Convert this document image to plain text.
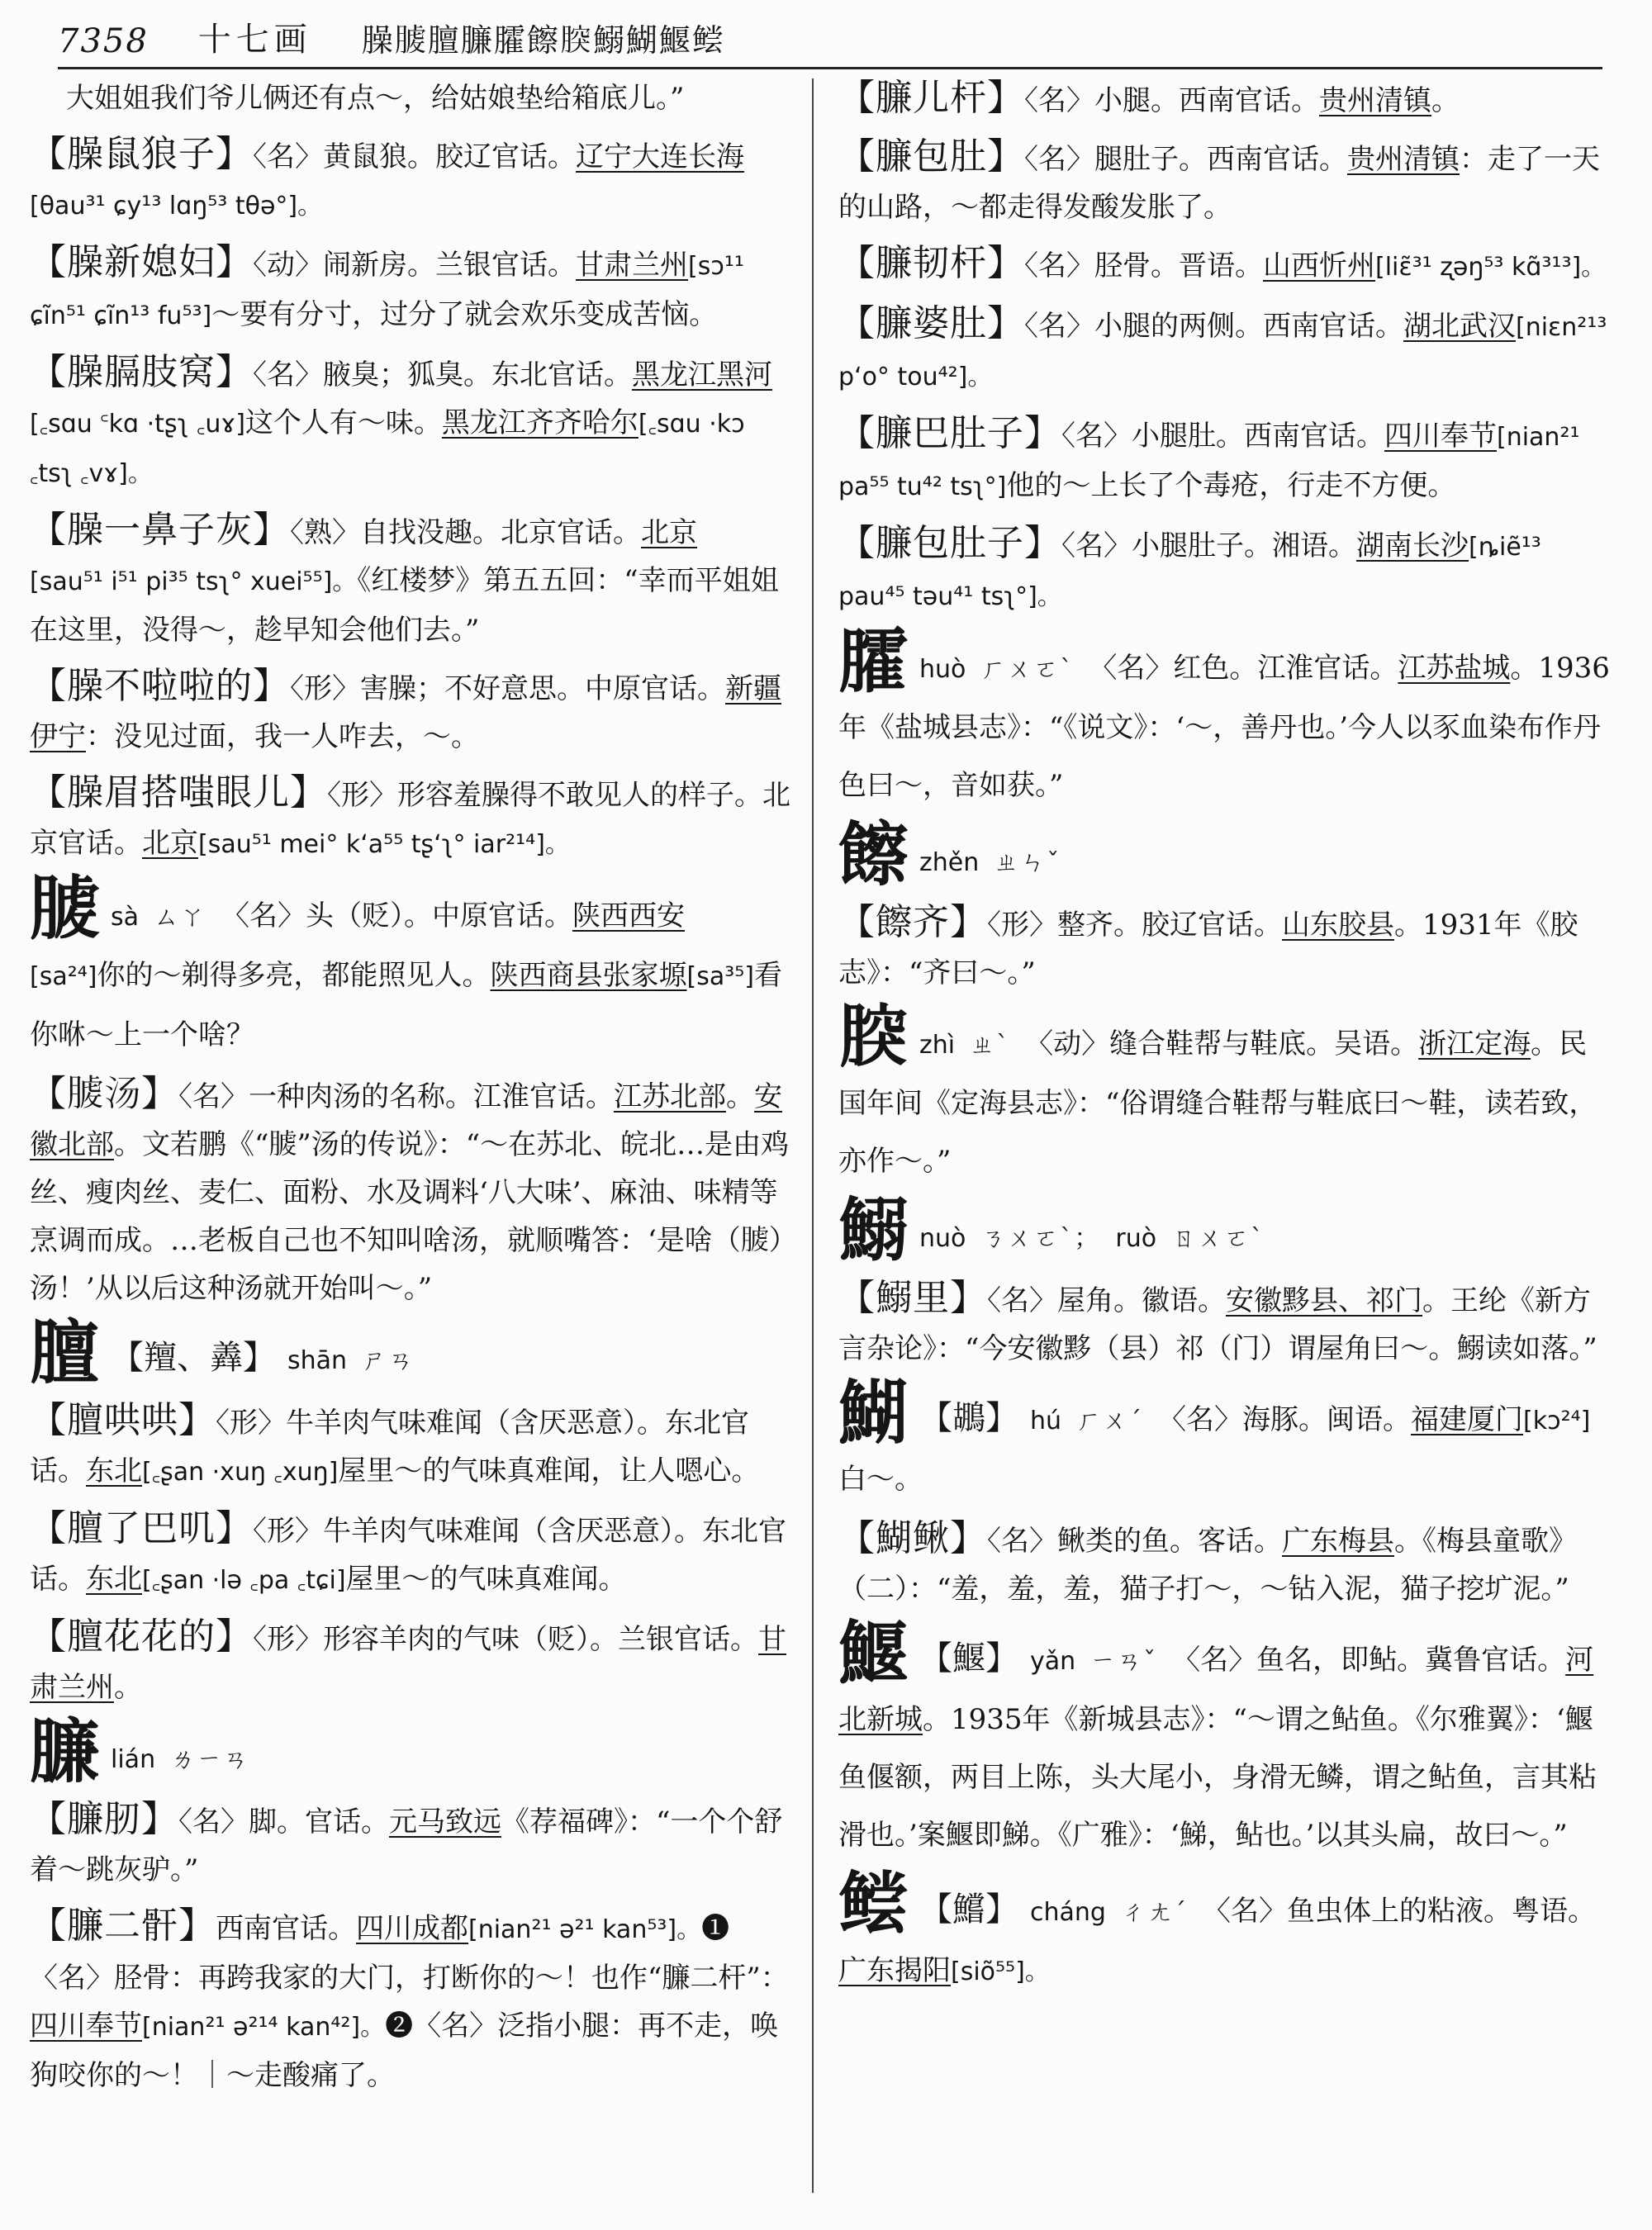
7358 十七画 臊𦞬膻臁臛𩟔𦝬鰯鰗鰋鲿

大姐姐我们爷儿俩还有点～，给姑娘垫给箱底儿。”

【臊鼠狼子】〈名〉黄鼠狼。胶辽官话。辽宁大连长海
[θau³¹ ɕy¹³ lɑŋ⁵³ tθə°]。

【臊新媳妇】〈动〉闹新房。兰银官话。甘肃兰州[sɔ¹¹ ɕĩn⁵¹ ɕĩn¹³ fu⁵³]～要有分寸，过分了就会欢乐变成苦恼。

【臊膈肢窝】〈名〉腋臭；狐臭。东北官话。黑龙江黑河[꜀sɑu ꜂kɑ ·tʂʅ ꜀uɤ]这个人有～味。黑龙江齐齐哈尔[꜀sɑu ·kɔ ꜀tsʅ ꜀vɤ]。

【臊一鼻子灰】〈熟〉自找没趣。北京官话。北京
[sau⁵¹ i⁵¹ pi³⁵ tsʅ° xuei⁵⁵]。《红楼梦》第五五回：“幸而平姐姐在这里，没得～，趁早知会他们去。”

【臊不啦啦的】〈形〉害臊；不好意思。中原官话。新疆伊宁：没见过面，我一人咋去，～。

【臊眉搭嗤眼儿】〈形〉形容羞臊得不敢见人的样子。北京官话。北京[sau⁵¹ mei° k‘a⁵⁵ tʂ‘ʅ° iar²¹⁴]。

𦞬sà ㄙㄚ 〈名〉头（贬）。中原官话。陕西西安
[sa²⁴]你的～剃得多亮，都能照见人。陕西商县张家塬[sa³⁵]看你咻～上一个啥？

【𦞬汤】〈名〉一种肉汤的名称。江淮官话。江苏北部。安徽北部。文若鹏《“𦞬”汤的传说》：“～在苏北、皖北…是由鸡丝、瘦肉丝、麦仁、面粉、水及调料‘八大味’、麻油、味精等烹调而成。…老板自己也不知叫啥汤，就顺嘴答：‘是啥（𦞬）汤！’从以后这种汤就开始叫～。”

膻 【羶、羴】 shān ㄕㄢ

【膻哄哄】〈形〉牛羊肉气味难闻（含厌恶意）。东北官话。东北[꜀ʂan ·xuŋ ꜀xuŋ]屋里～的气味真难闻，让人嗯心。

【膻了巴叽】〈形〉牛羊肉气味难闻（含厌恶意）。东北官话。东北[꜀ʂan ·lə ꜀pa ꜀tɕi]屋里～的气味真难闻。

【膻花花的】〈形〉形容羊肉的气味（贬）。兰银官话。甘肃兰州。

臁lián ㄌㄧㄢ

【臁肕】〈名〉脚。官话。元马致远《荐福碑》：“一个个舒着～跳灰驴。”

【臁二骭】西南官话。四川成都[nian²¹ ə²¹ kan⁵³]。❶〈名〉胫骨：再跨我家的大门，打断你的～！也作“臁二杆”：四川奉节[nian²¹ ə²¹⁴ kan⁴²]。❷〈名〉泛指小腿：再不走，唤狗咬你的～！｜～走酸痛了。

【臁儿杆】〈名〉小腿。西南官话。贵州清镇。

【臁包肚】〈名〉腿肚子。西南官话。贵州清镇：走了一天的山路，～都走得发酸发胀了。

【臁韧杆】〈名〉胫骨。晋语。山西忻州[liɛ̃³¹ ʐəŋ⁵³ kɑ̃³¹³]。

【臁婆肚】〈名〉小腿的两侧。西南官话。湖北武汉[niɛn²¹³ p‘o° tou⁴²]。

【臁巴肚子】〈名〉小腿肚。西南官话。四川奉节[nian²¹ pa⁵⁵ tu⁴² tsʅ°]他的～上长了个毒疮，行走不方便。

【臁包肚子】〈名〉小腿肚子。湘语。湖南长沙[ȵiẽ¹³ pau⁴⁵ təu⁴¹ tsʅ°]。

臛huò ㄏㄨㄛˋ 〈名〉红色。江淮官话。江苏盐城。1936年《盐城县志》：“《说文》：‘～，善丹也。’今人以豕血染布作丹色曰～，音如获。”

𩟔zhěn ㄓㄣˇ

【𩟔齐】〈形〉整齐。胶辽官话。山东胶县。1931年《胶志》：“齐曰～。”

𦝬zhì ㄓˋ 〈动〉缝合鞋帮与鞋底。吴语。浙江定海。民国年间《定海县志》：“俗谓缝合鞋帮与鞋底曰～鞋，读若致，亦作～。”

鰯nuò ㄋㄨㄛˋ； ruò ㄖㄨㄛˋ

【鰯里】〈名〉屋角。徽语。安徽黟县、祁门。王纶《新方言杂论》：“今安徽黟（县）祁（门）谓屋角曰～。鰯读如落。”

鰗 【鶘】 hú ㄏㄨˊ 〈名〉海豚。闽语。福建厦门[kɔ²⁴]白～。

【鰗鳅】〈名〉鳅类的鱼。客话。广东梅县。《梅县童歌》（二）：“羞，羞，羞，猫子打～，～钻入泥，猫子挖圹泥。”

鰋 【鰋】 yǎn ㄧㄢˇ 〈名〉鱼名，即鲇。冀鲁官话。河北新城。1935年《新城县志》：“～谓之鲇鱼。《尔雅翼》：‘鰋鱼偃额，两目上陈，头大尾小，身滑无鳞，谓之鲇鱼，言其粘滑也。’案鰋即鮷。《广雅》：‘鮷，鲇也。’以其头扁，故曰～。”

鲿 【鱨】 cháng ㄔㄤˊ 〈名〉鱼虫体上的粘液。粤语。
广东揭阳[siõ⁵⁵]。
